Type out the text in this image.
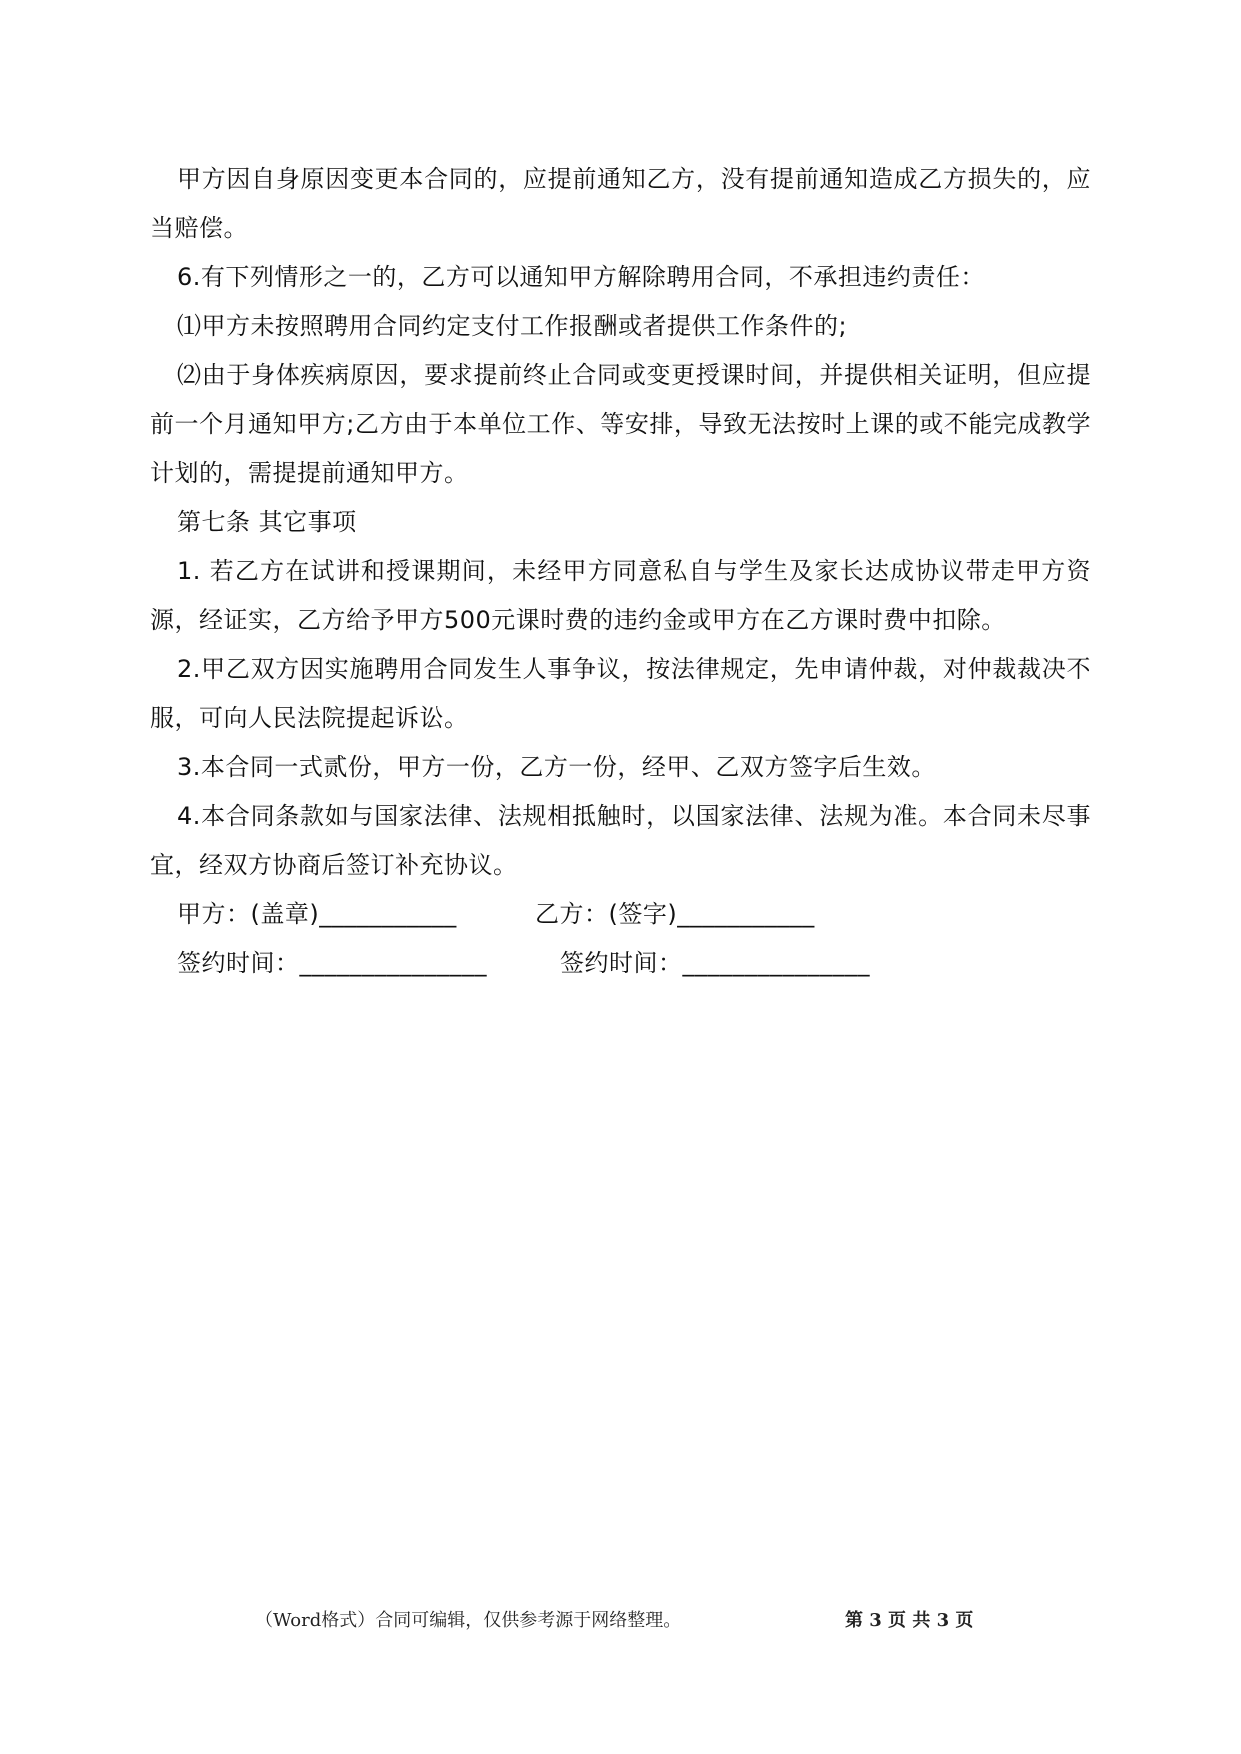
甲方因自身原因变更本合同的，应提前通知乙方，没有提前通知造成乙方损失的，应当赔偿。

6.有下列情形之一的，乙方可以通知甲方解除聘用合同，不承担违约责任：

⑴甲方未按照聘用合同约定支付工作报酬或者提供工作条件的;

⑵由于身体疾病原因，要求提前终止合同或变更授课时间，并提供相关证明，但应提前一个月通知甲方;乙方由于本单位工作、等安排，导致无法按时上课的或不能完成教学计划的，需提提前通知甲方。

第七条 其它事项

1. 若乙方在试讲和授课期间，未经甲方同意私自与学生及家长达成协议带走甲方资源，经证实，乙方给予甲方500元课时费的违约金或甲方在乙方课时费中扣除。

2.甲乙双方因实施聘用合同发生人事争议，按法律规定，先申请仲裁，对仲裁裁决不服，可向人民法院提起诉讼。

3.本合同一式贰份，甲方一份，乙方一份，经甲、乙双方签字后生效。

4.本合同条款如与国家法律、法规相抵触时，以国家法律、法规为准。本合同未尽事宜，经双方协商后签订补充协议。

甲方：(盖章)___________	乙方：(签字)___________
签约时间：_______________	签约时间：_______________
（Word格式）合同可编辑，仅供参考源于网络整理。	第 3 页 共 3 页
